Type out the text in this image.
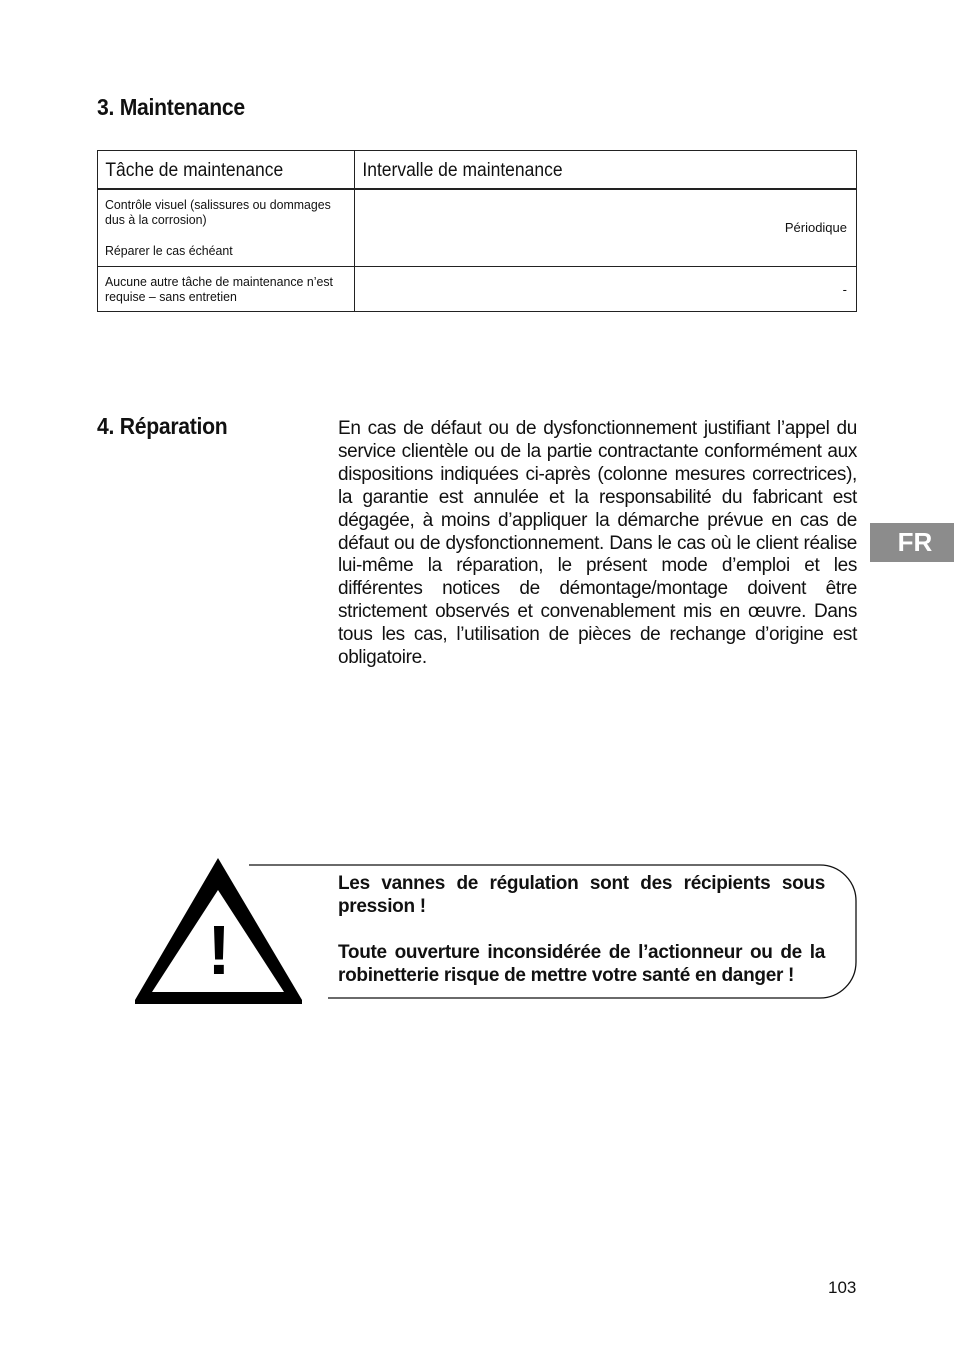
3. Maintenance
Tâche de maintenance	Intervalle de maintenance

Contrôle visuel (salissures ou dommages dus à la corrosion)
Réparer le cas échéant	Périodique

Aucune autre tâche de maintenance n’est requise – sans entretien	-
4. Réparation	En cas de défaut ou de dysfonctionnement justifiant l’appel du service clientèle ou de la partie contractante conformément aux dispositions indiquées ci-après (colonne mesures correctrices), la garantie est annulée et la responsabilité du fabricant est dégagée, à moins d’appliquer la démarche prévue en cas de défaut ou de dysfonctionnement. Dans le cas où le client réalise lui-même la réparation, le présent mode d’emploi et les différentes notices de démontage/montage doivent être strictement observés et convenablement mis en œuvre. Dans tous les cas, l’utilisation de pièces de rechange d’origine est obligatoire.
FR
!

Les vannes de régulation sont des récipients sous pression !

Toute ouverture inconsidérée de l’actionneur ou de la robinetterie risque de mettre votre santé en danger !

103
